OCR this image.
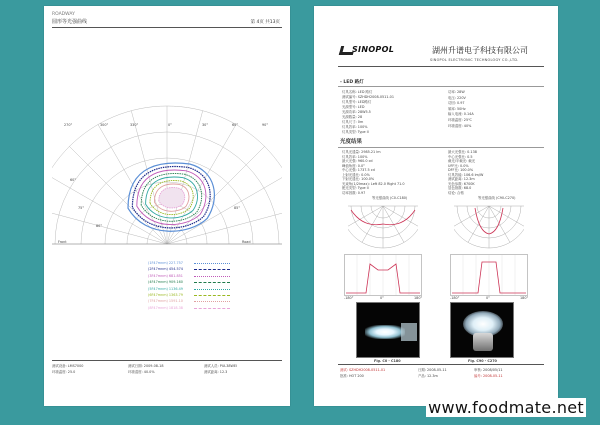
ROADWAY
圆形等光强曲线	第 4页 共13页
270°	300°	330°	0°	30°	60°	90°
60°
75°
80°
85°
Front	Road
(1F47mnm) 227.757
(2F47mnm) 454.574
(3F47mnm) 681.851
(4F47mnm) 909.160
(5F47mnm) 1136.49
(6F47mnm) 1363.79
(7F47mnm) 1591.10
(8F47mnm) 1818.38
测试设备: LMS7000	测试日期: 2009-08-18	测试人员: PUL38WEI
环境温度: 25.0	环境湿度: 40.0%	测试距离: 12.3
SINOPOL	湖州升谱电子科技有限公司
SINOPOL ELECTRONIC TECHNOLOGY CO.,LTD.
- LED 路灯
灯具名称: LED 路灯
测试编号: SZHDH2008-0511-01
灯具型号: LED路灯
光源型号: LED
光源功率: 28W5.5
光源数量: 28
灯具尺寸: 0m
灯具效率: 100%
灯具类型: Type II
功率: 28W
电压: 220V
功因: 0.97
频率: 50Hz
输入电流: 0.14A
环境温度: 25℃
环境湿度: 40%
光度结果
灯具光通量: 2985.21 lm
灯具效率: 100%
最大光强: 960.0 cd
峰值角度: 0.0°
中心光强: 1737.5 cd
上射光通比: 0.0%
下射光通比: 100.0%
光束角(1/2Imax): Left 82.0 Right 71.0
配光类型: Type II
功率因数: 0.97
最大光强比: 0.138
中心光强比: 0.5
截光/半截光: 截光
UFF比: 0.0%
DFF比: 100.0%
灯具效能: 106.6 lm/W
测试距离: 12.3m
光色参数: 6700K
显色指数: 68.0
结论: 合格
等光强曲线 (C0-C180)	等光强曲线 (C90-C270)
-180°	0°	180°	-180°	0°	180°
Fig. C0 - C180	Fig. C90 - C270
测试: SZHDH2008-0511-01	日期: 2008-05-11	审核: 2008/05/11
批准: HOT 200	产品: 12.3m	编号: 2008-05-11
www.foodmate.net
